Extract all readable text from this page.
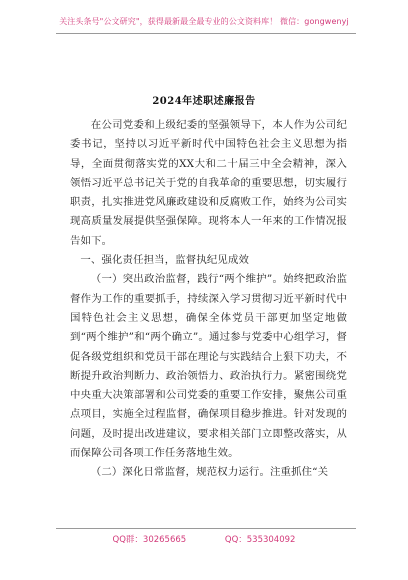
关注头条号"公文研究"，获得最新最全最专业的公文资料库！ 微信：gongwenyj
2024年述职述廉报告

在公司党委和上级纪委的坚强领导下，本人作为公司纪委书记，坚持以习近平新时代中国特色社会主义思想为指导，全面贯彻落实党的XX大和二十届三中全会精神，深入领悟习近平总书记关于党的自我革命的重要思想，切实履行职责，扎实推进党风廉政建设和反腐败工作，始终为公司实现高质量发展提供坚强保障。现将本人一年来的工作情况报告如下。

一、强化责任担当，监督执纪见成效

（一）突出政治监督，践行“两个维护”。始终把政治监督作为工作的重要抓手，持续深入学习贯彻习近平新时代中国特色社会主义思想，确保全体党员干部更加坚定地做到“两个维护”和“两个确立”。通过参与党委中心组学习，督促各级党组织和党员干部在理论与实践结合上狠下功夫，不断提升政治判断力、政治领悟力、政治执行力。紧密围绕党中央重大决策部署和公司党委的重要工作安排，聚焦公司重点项目，实施全过程监督，确保项目稳步推进。针对发现的问题，及时提出改进建议，要求相关部门立即整改落实，从而保障公司各项工作任务落地生效。

（二）深化日常监督，规范权力运行。注重抓住“关

QQ群：30265665	QQ：535304092
